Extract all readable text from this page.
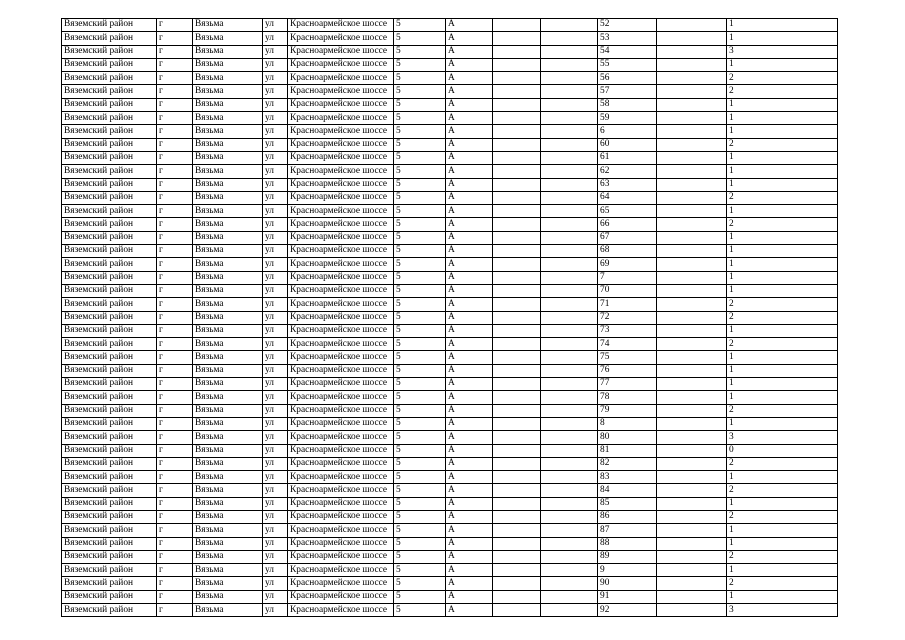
Вяземский район	г	Вязьма	ул	Красноармейское шоссе	5	А			52		1
Вяземский район	г	Вязьма	ул	Красноармейское шоссе	5	А			53		1
Вяземский район	г	Вязьма	ул	Красноармейское шоссе	5	А			54		3
Вяземский район	г	Вязьма	ул	Красноармейское шоссе	5	А			55		1
Вяземский район	г	Вязьма	ул	Красноармейское шоссе	5	А			56		2
Вяземский район	г	Вязьма	ул	Красноармейское шоссе	5	А			57		2
Вяземский район	г	Вязьма	ул	Красноармейское шоссе	5	А			58		1
Вяземский район	г	Вязьма	ул	Красноармейское шоссе	5	А			59		1
Вяземский район	г	Вязьма	ул	Красноармейское шоссе	5	А			6		1
Вяземский район	г	Вязьма	ул	Красноармейское шоссе	5	А			60		2
Вяземский район	г	Вязьма	ул	Красноармейское шоссе	5	А			61		1
Вяземский район	г	Вязьма	ул	Красноармейское шоссе	5	А			62		1
Вяземский район	г	Вязьма	ул	Красноармейское шоссе	5	А			63		1
Вяземский район	г	Вязьма	ул	Красноармейское шоссе	5	А			64		2
Вяземский район	г	Вязьма	ул	Красноармейское шоссе	5	А			65		1
Вяземский район	г	Вязьма	ул	Красноармейское шоссе	5	А			66		2
Вяземский район	г	Вязьма	ул	Красноармейское шоссе	5	А			67		1
Вяземский район	г	Вязьма	ул	Красноармейское шоссе	5	А			68		1
Вяземский район	г	Вязьма	ул	Красноармейское шоссе	5	А			69		1
Вяземский район	г	Вязьма	ул	Красноармейское шоссе	5	А			7		1
Вяземский район	г	Вязьма	ул	Красноармейское шоссе	5	А			70		1
Вяземский район	г	Вязьма	ул	Красноармейское шоссе	5	А			71		2
Вяземский район	г	Вязьма	ул	Красноармейское шоссе	5	А			72		2
Вяземский район	г	Вязьма	ул	Красноармейское шоссе	5	А			73		1
Вяземский район	г	Вязьма	ул	Красноармейское шоссе	5	А			74		2
Вяземский район	г	Вязьма	ул	Красноармейское шоссе	5	А			75		1
Вяземский район	г	Вязьма	ул	Красноармейское шоссе	5	А			76		1
Вяземский район	г	Вязьма	ул	Красноармейское шоссе	5	А			77		1
Вяземский район	г	Вязьма	ул	Красноармейское шоссе	5	А			78		1
Вяземский район	г	Вязьма	ул	Красноармейское шоссе	5	А			79		2
Вяземский район	г	Вязьма	ул	Красноармейское шоссе	5	А			8		1
Вяземский район	г	Вязьма	ул	Красноармейское шоссе	5	А			80		3
Вяземский район	г	Вязьма	ул	Красноармейское шоссе	5	А			81		0
Вяземский район	г	Вязьма	ул	Красноармейское шоссе	5	А			82		2
Вяземский район	г	Вязьма	ул	Красноармейское шоссе	5	А			83		1
Вяземский район	г	Вязьма	ул	Красноармейское шоссе	5	А			84		2
Вяземский район	г	Вязьма	ул	Красноармейское шоссе	5	А			85		1
Вяземский район	г	Вязьма	ул	Красноармейское шоссе	5	А			86		2
Вяземский район	г	Вязьма	ул	Красноармейское шоссе	5	А			87		1
Вяземский район	г	Вязьма	ул	Красноармейское шоссе	5	А			88		1
Вяземский район	г	Вязьма	ул	Красноармейское шоссе	5	А			89		2
Вяземский район	г	Вязьма	ул	Красноармейское шоссе	5	А			9		1
Вяземский район	г	Вязьма	ул	Красноармейское шоссе	5	А			90		2
Вяземский район	г	Вязьма	ул	Красноармейское шоссе	5	А			91		1
Вяземский район	г	Вязьма	ул	Красноармейское шоссе	5	А			92		3
